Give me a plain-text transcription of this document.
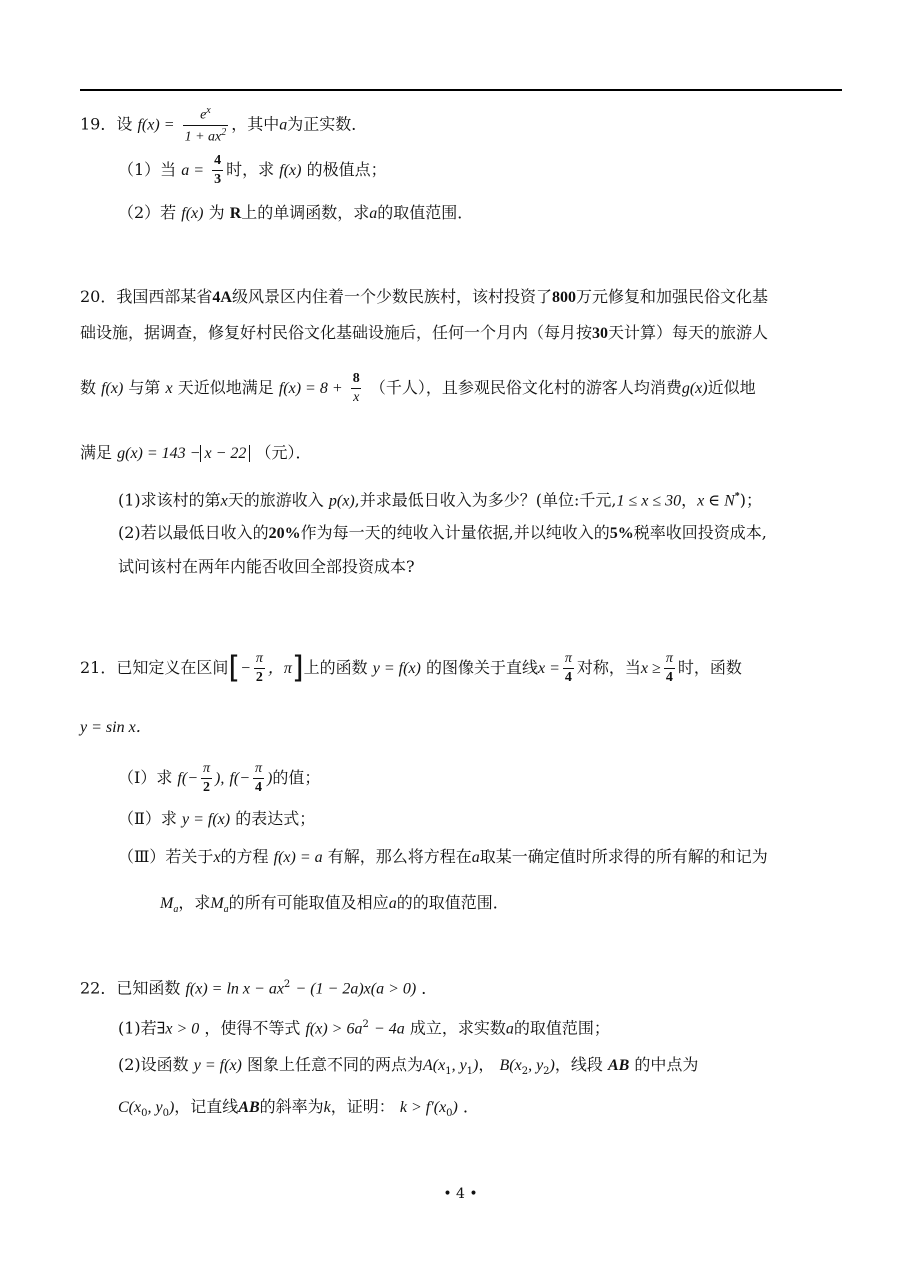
19．设 $f(x) = \frac{e^x}{1 + ax^2}$ ，其中a为正实数．
（1）当 $a = \frac{4}{3}$ 时，求 f(x) 的极值点；
（2）若 f(x) 为 R上的单调函数，求a的取值范围．
20．我国西部某省4A级风景区内住着一个少数民族村，该村投资了800万元修复和加强民俗文化基
础设施，据调查，修复好村民俗文化基础设施后，任何一个月内（每月按30天计算）每天的旅游人
数 f(x) 与第 x 天近似地满足 $f(x) = 8 + \frac{8}{x}$ （千人），且参观民俗文化村的游客人均消费g(x)近似地
满足 g(x) = 143 − x − 22 （元）．
(1)求该村的第x天的旅游收入 p(x),并求最低日收入为多少？(单位:千元,1 ≤ x ≤ 30，x ∈ N*)；
(2)若以最低日收入的20%作为每一天的纯收入计量依据,并以纯收入的5%税率收回投资成本,
试问该村在两年内能否收回全部投资成本?
21．已知定义在区间[− $\frac{\pi}{2}$ ，π]上的函数 y = f(x) 的图像关于直线$x = \frac{\pi}{4}$ 对称，当$x \ge \frac{\pi}{4}$ 时，函数
y = sin x．
（Ⅰ）求 $f(- \frac{\pi}{2}$ ), $f(- \frac{\pi}{4}$ )的值；
（Ⅱ）求 y = f(x) 的表达式；
（Ⅲ）若关于x的方程 f(x) = a 有解，那么将方程在a取某一确定值时所求得的所有解的和记为
$M_a$，求$M_a$的所有可能取值及相应a的的取值范围．
22．已知函数 $f(x) = \ln x - ax^2 - (1 - 2a)x(a > 0)$ ．
(1)若∃x > 0 ，使得不等式 $f(x) > 6a^2 - 4a$ 成立，求实数a的取值范围；
(2)设函数 y = f(x) 图象上任意不同的两点为$A(x_1$, $y_1$)， $B(x_2$, $y_2$)，线段 AB 的中点为
$C(x_0$, $y_0$)，记直线AB的斜率为k，证明： $k > f'(x_0)$ ．
• 4 •
